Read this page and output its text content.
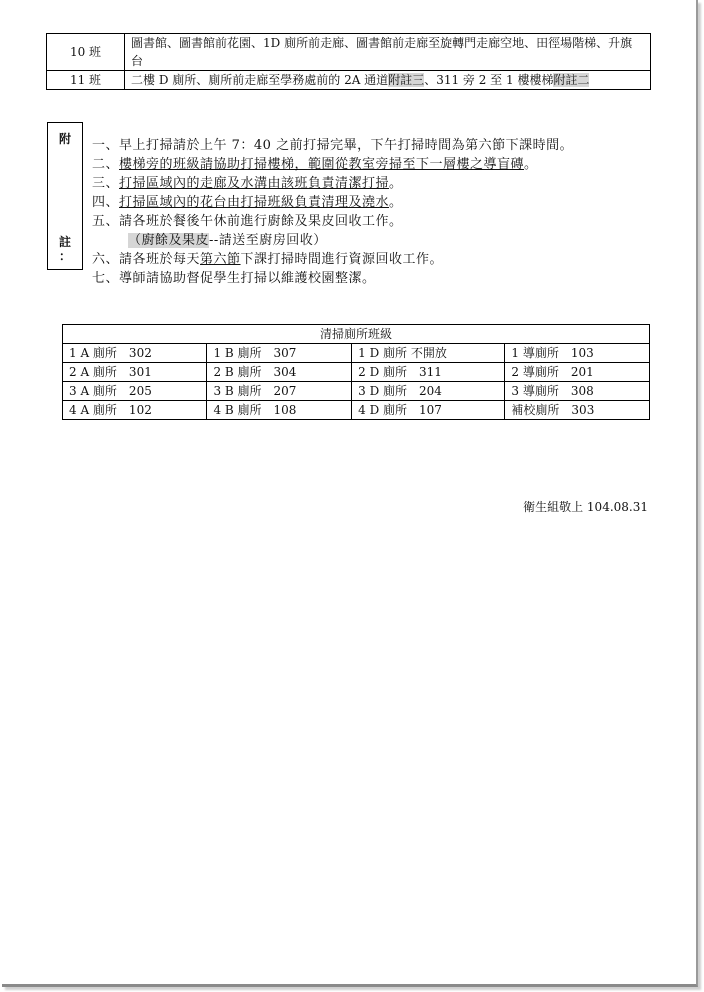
10 班	圖書館、圖書館前花園、1D 廁所前走廊、圖書館前走廊至旋轉門走廊空地、田徑場階梯、升旗台
11 班	二樓 D 廁所、廁所前走廊至學務處前的 2A 通道附註三、311 旁 2 至 1 樓樓梯附註二
附
註
：
一、早上打掃請於上午 7：40 之前打掃完畢，下午打掃時間為第六節下課時間。
二、樓梯旁的班級請協助打掃樓梯，範圍從教室旁掃至下一層樓之導盲磚。
三、打掃區域內的走廊及水溝由該班負責清潔打掃。
四、打掃區域內的花台由打掃班級負責清理及澆水。
五、請各班於餐後午休前進行廚餘及果皮回收工作。
（廚餘及果皮--請送至廚房回收）
六、請各班於每天第六節下課打掃時間進行資源回收工作。
七、導師請協助督促學生打掃以維護校園整潔。
清掃廁所班級			
1 A 廁所　302	1 B 廁所　307	1 D 廁所 不開放	1 導廁所　103
2 A 廁所　301	2 B 廁所　304	2 D 廁所　311	2 導廁所　201
3 A 廁所　205	3 B 廁所　207	3 D 廁所　204	3 導廁所　308
4 A 廁所　102	4 B 廁所　108	4 D 廁所　107	補校廁所　303
衛生組敬上 104.08.31
